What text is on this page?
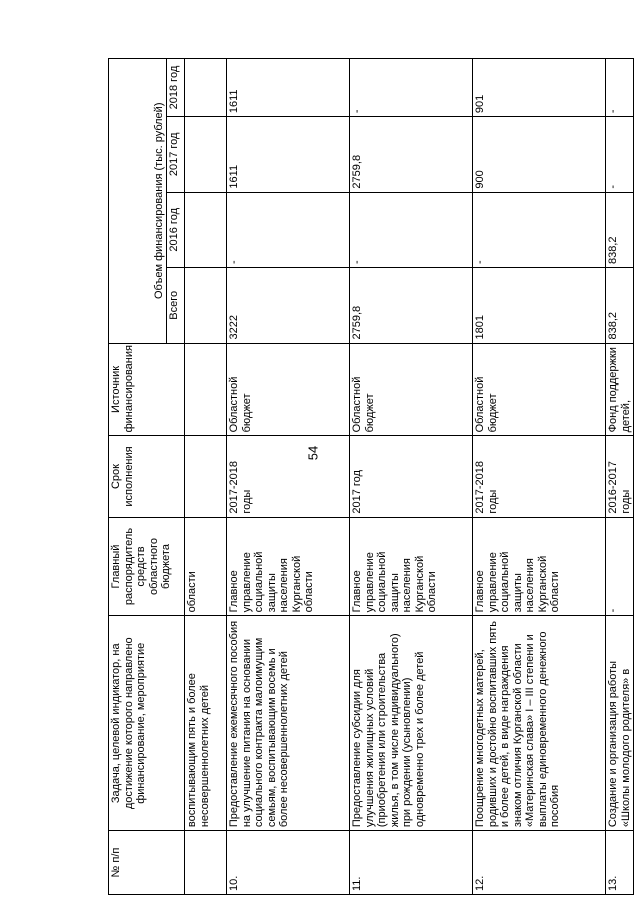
54
№ п/п	Задача, целевой индикатор, на достижение которого направлено финансирование, мероприятие	Главный распорядитель средств областного бюджета	Срок исполнения	Источник финансирования	Объем финансирования (тыс. рублей)			
					Всего	2016 год	2017 год	2018 год
	воспитывающим пять и более несовершеннолетних детей	области						
10.	Предоставление ежемесячного пособия на улучшение питания на основании социального контракта малоимущим семьям, воспитывающим восемь и более несовершеннолетних детей	Главное управление социальной защиты населения Курганской области	2017-2018 годы	Областной бюджет	3222	-	1611	1611
11.	Предоставление субсидии для улучшения жилищных условий (приобретения или строительства жилья, в том числе индивидуального) при рождении (усыновлении) одновременно трех и более детей	Главное управление социальной защиты населения Курганской области	2017 год	Областной бюджет	2759,8	-	2759,8	-
12.	Поощрение многодетных матерей, родивших и достойно воспитавших пять и более детей, в виде награждения знаком отличия Курганской области «Материнская слава» I – III степени и выплаты единовременного денежного пособия	Главное управление социальной защиты населения Курганской области	2017-2018 годы	Областной бюджет	1801	-	900	901
13.	Создание и организация работы «Школы молодого родителя» в	-	2016-2017 годы	Фонд поддержки детей,	838,2	838,2	-	-
